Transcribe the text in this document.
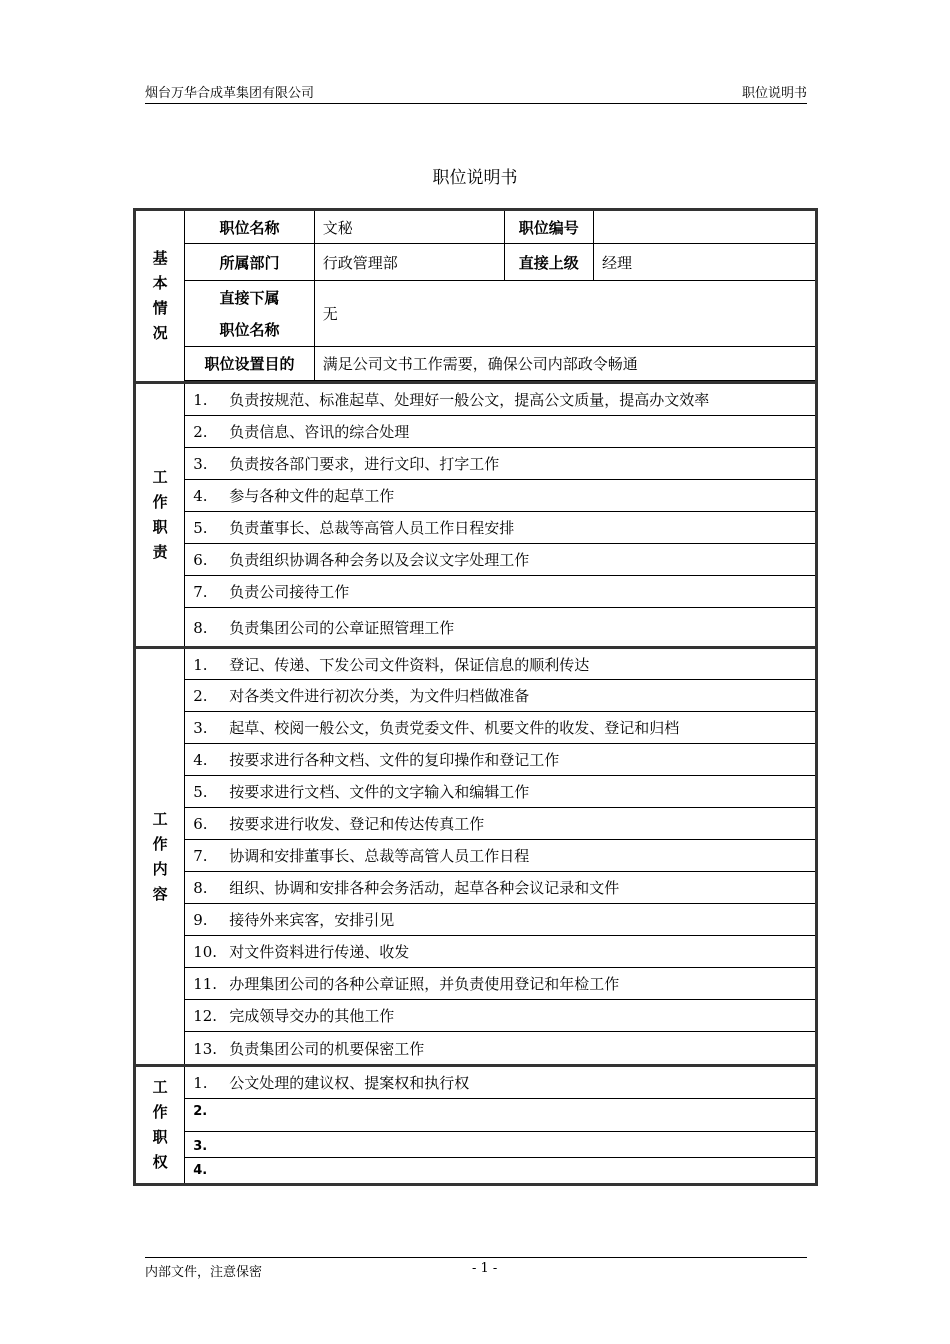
烟台万华合成革集团有限公司	职位说明书
职位说明书
基
本
情
况	职位名称	文秘	职位编号	
	所属部门	行政管理部	直接上级	经理

	直接下属
职位名称	无		
	职位设置目的	满足公司文书工作需要，确保公司内部政令畅通		

工
作
职
责	1. 负责按规范、标准起草、处理好一般公文，提高公文质量，提高办文效率			
	2. 负责信息、咨讯的综合处理			
	3. 负责按各部门要求，进行文印、打字工作			
	4. 参与各种文件的起草工作			
	5. 负责董事长、总裁等高管人员工作日程安排			
	6. 负责组织协调各种会务以及会议文字处理工作			
	7. 负责公司接待工作			
	8. 负责集团公司的公章证照管理工作			

工
作
内
容	1. 登记、传递、下发公司文件资料，保证信息的顺利传达			
	2. 对各类文件进行初次分类，为文件归档做准备			
	3. 起草、校阅一般公文，负责党委文件、机要文件的收发、登记和归档			
	4. 按要求进行各种文档、文件的复印操作和登记工作			
	5. 按要求进行文档、文件的文字输入和编辑工作			
	6. 按要求进行收发、登记和传达传真工作			
	7. 协调和安排董事长、总裁等高管人员工作日程			
	8. 组织、协调和安排各种会务活动，起草各种会议记录和文件			
	9. 接待外来宾客，安排引见			
	10. 对文件资料进行传递、收发			
	11. 办理集团公司的各种公章证照，并负责使用登记和年检工作			
	12. 完成领导交办的其他工作			
	13. 负责集团公司的机要保密工作			

工
作
职
权	1. 公文处理的建议权、提案权和执行权			
	2.			
	3.			
	4.			
内部文件，注意保密	- 1 -
